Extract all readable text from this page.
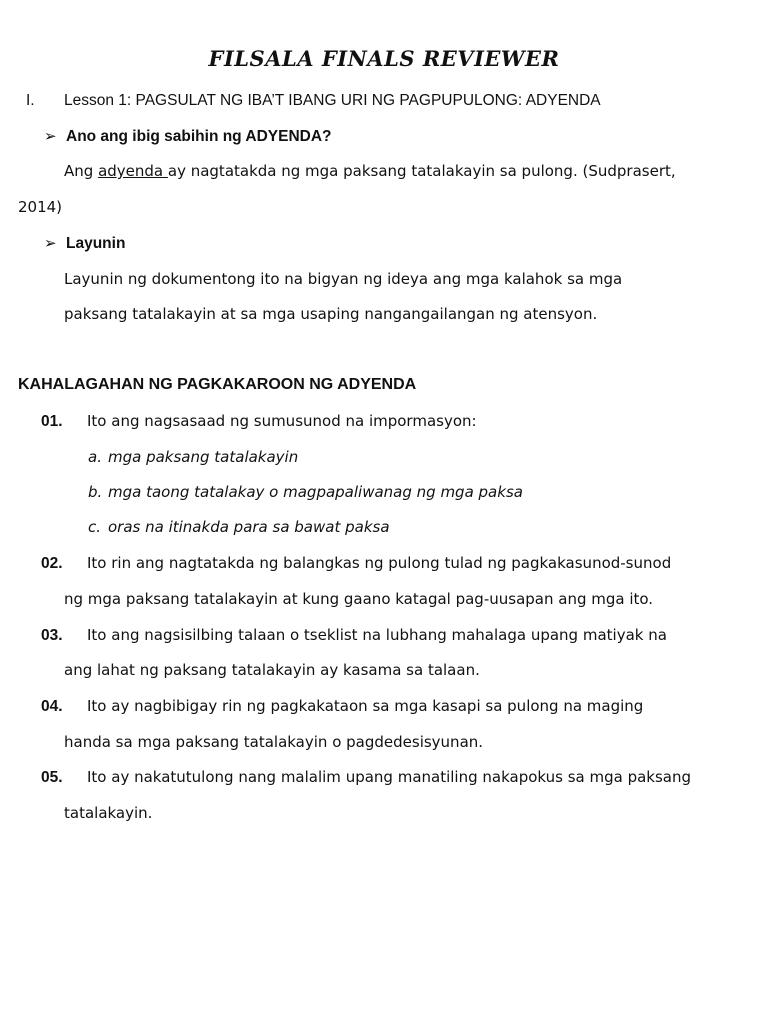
FILSALA FINALS REVIEWER
I. Lesson 1: PAGSULAT NG IBA’T IBANG URI NG PAGPUPULONG: ADYENDA
➢ Ano ang ibig sabihin ng ADYENDA?
Ang adyenda ay nagtatakda ng mga paksang tatalakayin sa pulong. (Sudprasert,
2014)
➢ Layunin
Layunin ng dokumentong ito na bigyan ng ideya ang mga kalahok sa mga
paksang tatalakayin at sa mga usaping nangangailangan ng atensyon.
KAHALAGAHAN NG PAGKAKAROON NG ADYENDA
01. Ito ang nagsasaad ng sumusunod na impormasyon:
a. mga paksang tatalakayin
b. mga taong tatalakay o magpapaliwanag ng mga paksa
c. oras na itinakda para sa bawat paksa
02. Ito rin ang nagtatakda ng balangkas ng pulong tulad ng pagkakasunod-sunod
ng mga paksang tatalakayin at kung gaano katagal pag-uusapan ang mga ito.
03. Ito ang nagsisilbing talaan o tseklist na lubhang mahalaga upang matiyak na
ang lahat ng paksang tatalakayin ay kasama sa talaan.
04. Ito ay nagbibigay rin ng pagkakataon sa mga kasapi sa pulong na maging
handa sa mga paksang tatalakayin o pagdedesisyunan.
05. Ito ay nakatutulong nang malalim upang manatiling nakapokus sa mga paksang
tatalakayin.
